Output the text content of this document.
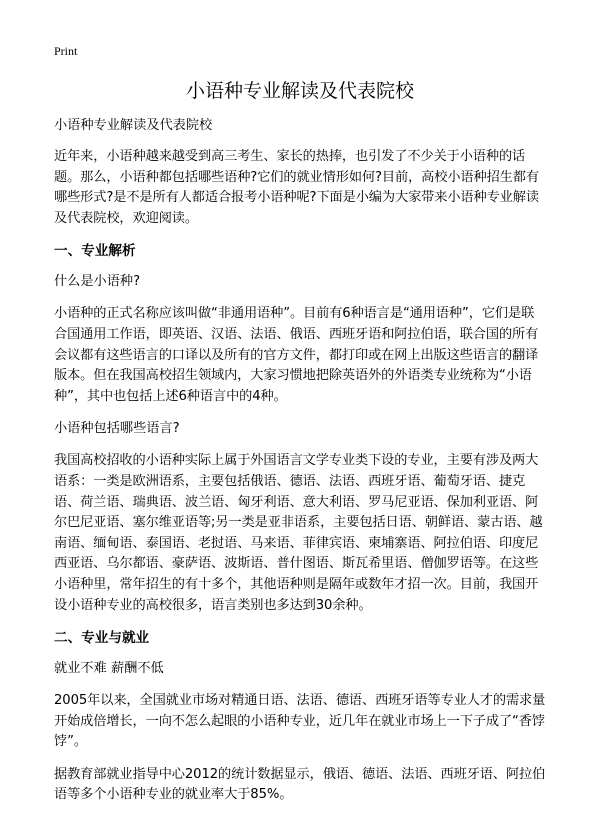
Print
小语种专业解读及代表院校
小语种专业解读及代表院校

近年来，小语种越来越受到高三考生、家长的热捧，也引发了不少关于小语种的话题。那么，小语种都包括哪些语种?它们的就业情形如何?目前，高校小语种招生都有哪些形式?是不是所有人都适合报考小语种呢?下面是小编为大家带来小语种专业解读及代表院校，欢迎阅读。

一、专业解析
什么是小语种?

小语种的正式名称应该叫做“非通用语种”。目前有6种语言是“通用语种”，它们是联合国通用工作语，即英语、汉语、法语、俄语、西班牙语和阿拉伯语，联合国的所有会议都有这些语言的口译以及所有的官方文件，都打印或在网上出版这些语言的翻译版本。但在我国高校招生领域内，大家习惯地把除英语外的外语类专业统称为“小语种”，其中也包括上述6种语言中的4种。

小语种包括哪些语言?

我国高校招收的小语种实际上属于外国语言文学专业类下设的专业，主要有涉及两大语系：一类是欧洲语系，主要包括俄语、德语、法语、西班牙语、葡萄牙语、捷克语、荷兰语、瑞典语、波兰语、匈牙利语、意大利语、罗马尼亚语、保加利亚语、阿尔巴尼亚语、塞尔维亚语等;另一类是亚非语系，主要包括日语、朝鲜语、蒙古语、越南语、缅甸语、泰国语、老挝语、马来语、菲律宾语、柬埔寨语、阿拉伯语、印度尼西亚语、乌尔都语、豪萨语、波斯语、普什图语、斯瓦希里语、僧伽罗语等。在这些小语种里，常年招生的有十多个，其他语种则是隔年或数年才招一次。目前，我国开设小语种专业的高校很多，语言类别也多达到30余种。

二、专业与就业
就业不难 薪酬不低

2005年以来，全国就业市场对精通日语、法语、德语、西班牙语等专业人才的需求量开始成倍增长，一向不怎么起眼的小语种专业，近几年在就业市场上一下子成了“香饽饽”。

据教育部就业指导中心2012的统计数据显示，俄语、德语、法语、西班牙语、阿拉伯语等多个小语种专业的就业率大于85%。
